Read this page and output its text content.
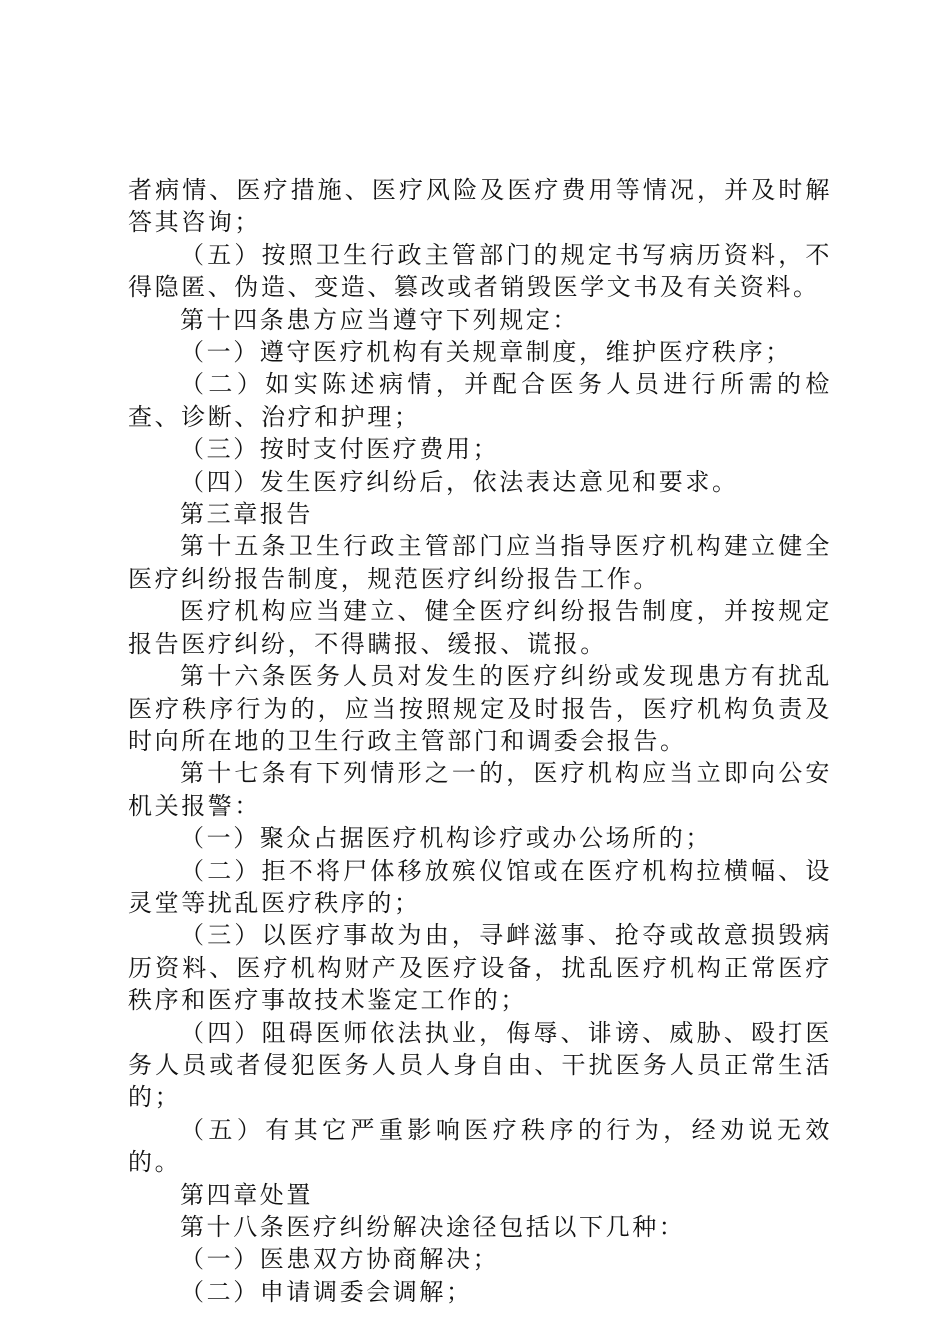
者病情、医疗措施、医疗风险及医疗费用等情况，并及时解答其咨询；

（五）按照卫生行政主管部门的规定书写病历资料，不得隐匿、伪造、变造、篡改或者销毁医学文书及有关资料。

第十四条患方应当遵守下列规定：

（一）遵守医疗机构有关规章制度，维护医疗秩序；

（二）如实陈述病情，并配合医务人员进行所需的检查、诊断、治疗和护理；

（三）按时支付医疗费用；

（四）发生医疗纠纷后，依法表达意见和要求。

第三章报告

第十五条卫生行政主管部门应当指导医疗机构建立健全医疗纠纷报告制度，规范医疗纠纷报告工作。

医疗机构应当建立、健全医疗纠纷报告制度，并按规定报告医疗纠纷，不得瞒报、缓报、谎报。

第十六条医务人员对发生的医疗纠纷或发现患方有扰乱医疗秩序行为的，应当按照规定及时报告，医疗机构负责及时向所在地的卫生行政主管部门和调委会报告。

第十七条有下列情形之一的，医疗机构应当立即向公安机关报警：

（一）聚众占据医疗机构诊疗或办公场所的；

（二）拒不将尸体移放殡仪馆或在医疗机构拉横幅、设灵堂等扰乱医疗秩序的；

（三）以医疗事故为由，寻衅滋事、抢夺或故意损毁病历资料、医疗机构财产及医疗设备，扰乱医疗机构正常医疗秩序和医疗事故技术鉴定工作的；

（四）阻碍医师依法执业，侮辱、诽谤、威胁、殴打医务人员或者侵犯医务人员人身自由、干扰医务人员正常生活的；

（五）有其它严重影响医疗秩序的行为，经劝说无效的。

第四章处置

第十八条医疗纠纷解决途径包括以下几种：

（一）医患双方协商解决；

（二）申请调委会调解；
